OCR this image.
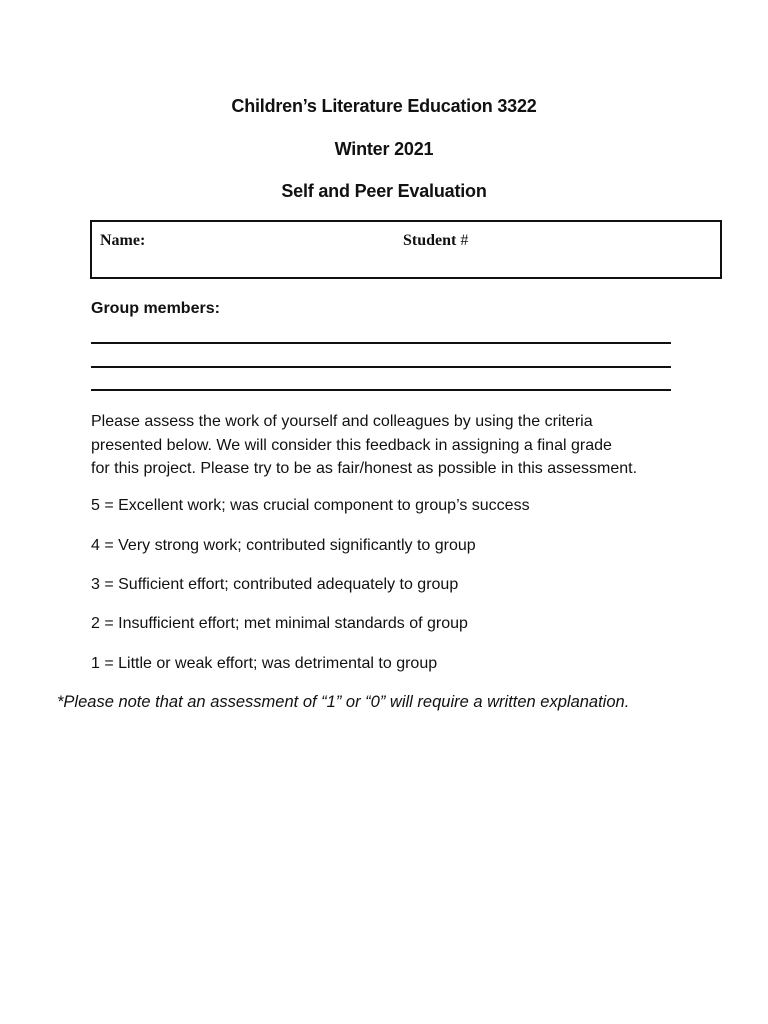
Children’s Literature Education 3322
Winter 2021
Self and Peer Evaluation
Name:	Student #
Group members:
Please assess the work of yourself and colleagues by using the criteria
presented below. We will consider this feedback in assigning a final grade
for this project. Please try to be as fair/honest as possible in this assessment.
5 = Excellent work; was crucial component to group’s success
4 = Very strong work; contributed significantly to group
3 = Sufficient effort; contributed adequately to group
2 = Insufficient effort; met minimal standards of group
1 = Little or weak effort; was detrimental to group
*Please note that an assessment of “1” or “0” will require a written explanation.
